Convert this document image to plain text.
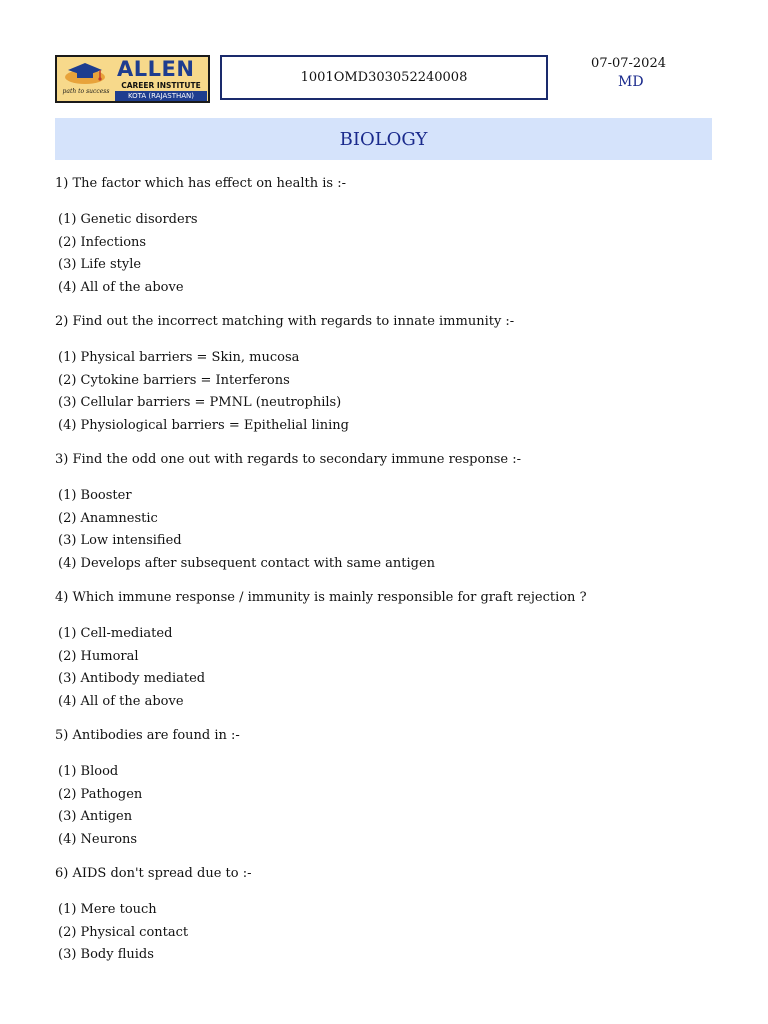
path to success
ALLEN
CAREER INSTITUTE
KOTA (RAJASTHAN)
1001OMD303052240008
07-07-2024
MD
BIOLOGY

1) The factor which has effect on health is :-

(1) Genetic disorders
(2) Infections
(3) Life style
(4) All of the above

2) Find out the incorrect matching with regards to innate immunity :-

(1) Physical barriers = Skin, mucosa
(2) Cytokine barriers = Interferons
(3) Cellular barriers = PMNL (neutrophils)
(4) Physiological barriers = Epithelial lining

3) Find the odd one out with regards to secondary immune response :-

(1) Booster
(2) Anamnestic
(3) Low intensified
(4) Develops after subsequent contact with same antigen

4) Which immune response / immunity is mainly responsible for graft rejection ?

(1) Cell-mediated
(2) Humoral
(3) Antibody mediated
(4) All of the above

5) Antibodies are found in :-

(1) Blood
(2) Pathogen
(3) Antigen
(4) Neurons

6) AIDS don't spread due to :-

(1) Mere touch
(2) Physical contact
(3) Body fluids
